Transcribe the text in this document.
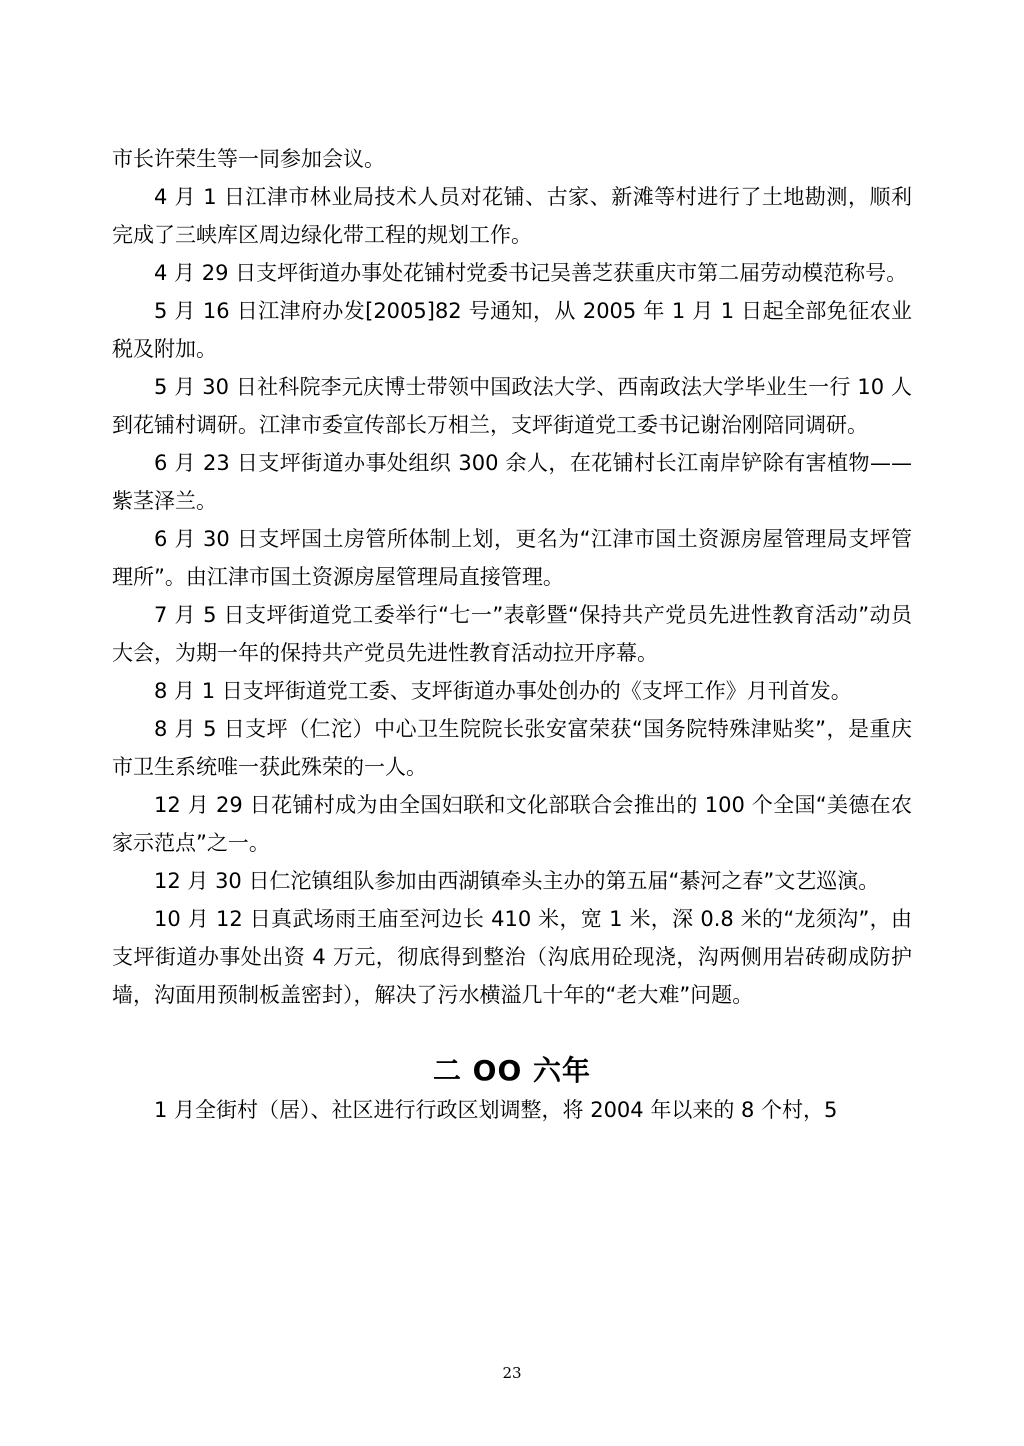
市长许荣生等一同参加会议。

4 月 1 日江津市林业局技术人员对花铺、古家、新滩等村进行了土地勘测，顺利完成了三峡库区周边绿化带工程的规划工作。

4 月 29 日支坪街道办事处花铺村党委书记吴善芝获重庆市第二届劳动模范称号。

5 月 16 日江津府办发[2005]82 号通知，从 2005 年 1 月 1 日起全部免征农业税及附加。

5 月 30 日社科院李元庆博士带领中国政法大学、西南政法大学毕业生一行 10 人到花铺村调研。江津市委宣传部长万相兰，支坪街道党工委书记谢治刚陪同调研。

6 月 23 日支坪街道办事处组织 300 余人，在花铺村长江南岸铲除有害植物——紫茎泽兰。

6 月 30 日支坪国土房管所体制上划，更名为“江津市国土资源房屋管理局支坪管理所”。由江津市国土资源房屋管理局直接管理。

7 月 5 日支坪街道党工委举行“七一”表彰暨“保持共产党员先进性教育活动”动员大会，为期一年的保持共产党员先进性教育活动拉开序幕。

8 月 1 日支坪街道党工委、支坪街道办事处创办的《支坪工作》月刊首发。

8 月 5 日支坪（仁沱）中心卫生院院长张安富荣获“国务院特殊津贴奖”，是重庆市卫生系统唯一获此殊荣的一人。

12 月 29 日花铺村成为由全国妇联和文化部联合会推出的 100 个全国“美德在农家示范点”之一。

12 月 30 日仁沱镇组队参加由西湖镇牵头主办的第五届“綦河之春”文艺巡演。

10 月 12 日真武场雨王庙至河边长 410 米，宽 1 米，深 0.8 米的“龙须沟”，由支坪街道办事处出资 4 万元，彻底得到整治（沟底用砼现浇，沟两侧用岩砖砌成防护墙，沟面用预制板盖密封），解决了污水横溢几十年的“老大难”问题。

二 OO 六年

1 月全街村（居）、社区进行行政区划调整，将 2004 年以来的 8 个村，5

23
